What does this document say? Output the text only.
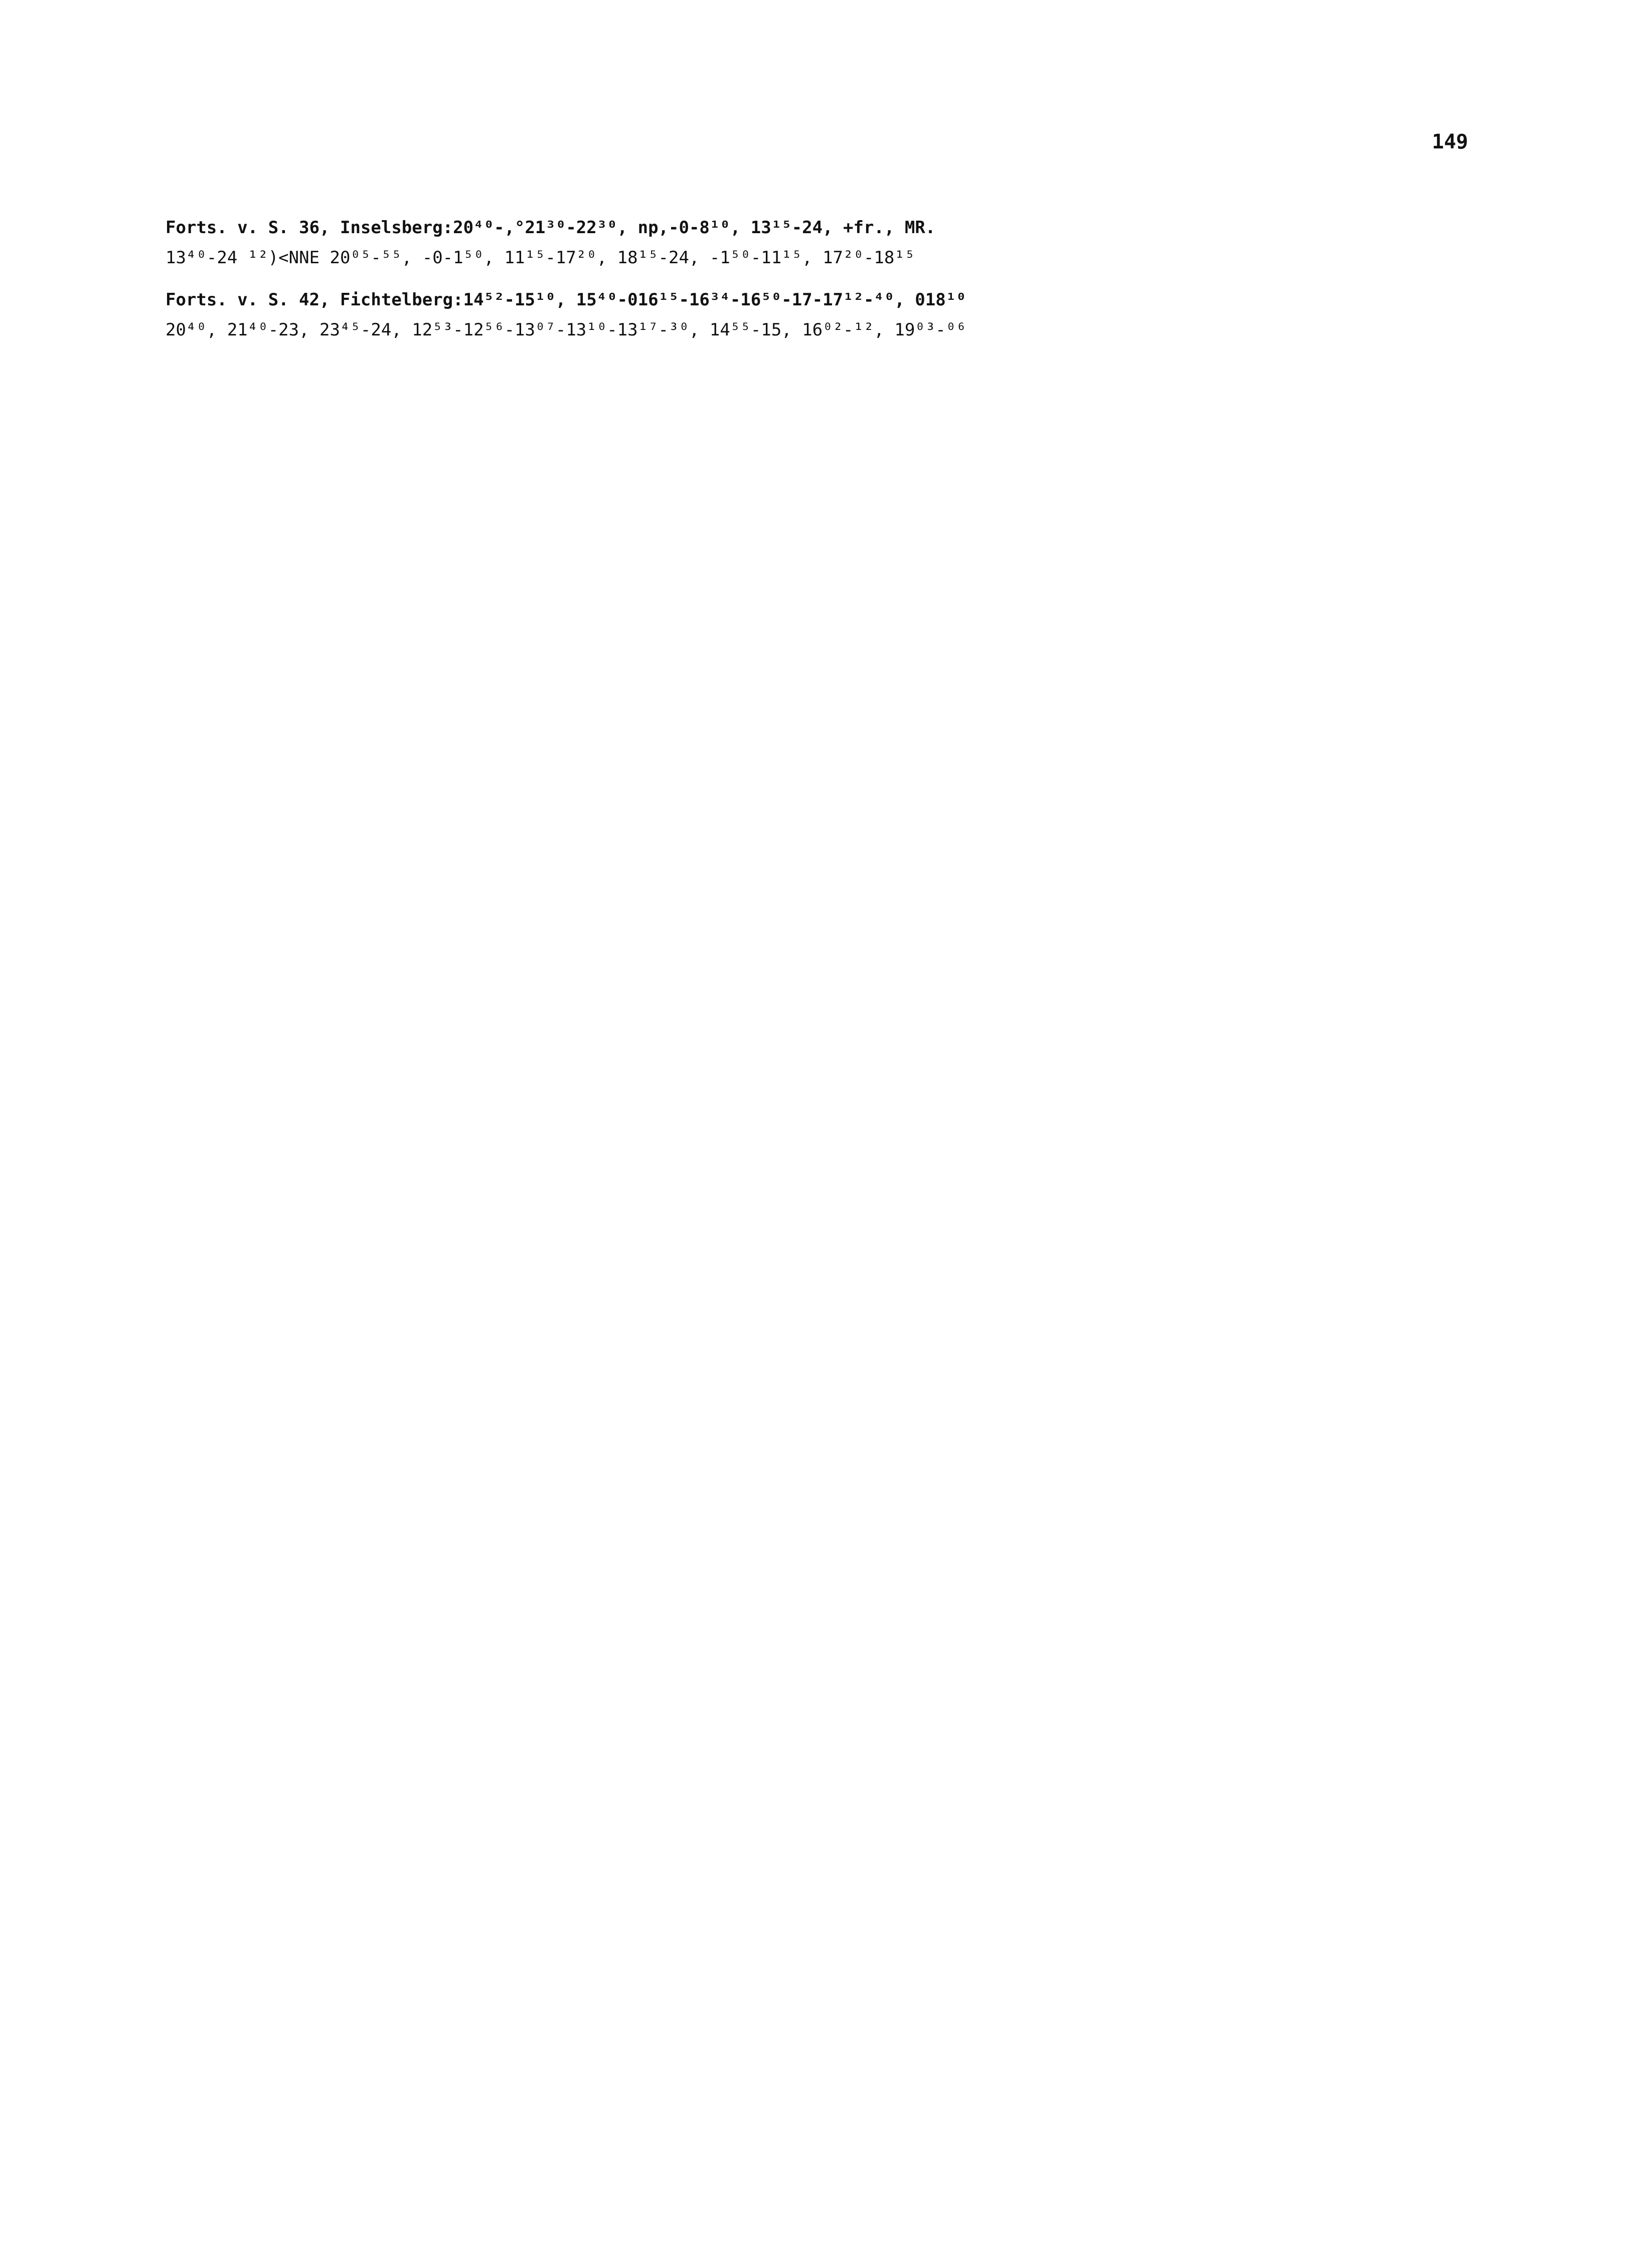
149
Forts. v. S. 36, Inselsberg:20⁴⁰-,°21³⁰-22³⁰, np,-0-8¹⁰, 13¹⁵-24, +fr., MR.
13⁴⁰-24 ¹²)<NNE 20⁰⁵-⁵⁵, -0-1⁵⁰, 11¹⁵-17²⁰, 18¹⁵-24, -1⁵⁰-11¹⁵, 17²⁰-18¹⁵
Forts. v. S. 42, Fichtelberg:14⁵²-15¹⁰, 15⁴⁰-016¹⁵-16³⁴-16⁵⁰-17-17¹²-⁴⁰, 018¹⁰
20⁴⁰, 21⁴⁰-23, 23⁴⁵-24, 12⁵³-12⁵⁶-13⁰⁷-13¹⁰-13¹⁷-³⁰, 14⁵⁵-15, 16⁰²-¹², 19⁰³-⁰⁶
